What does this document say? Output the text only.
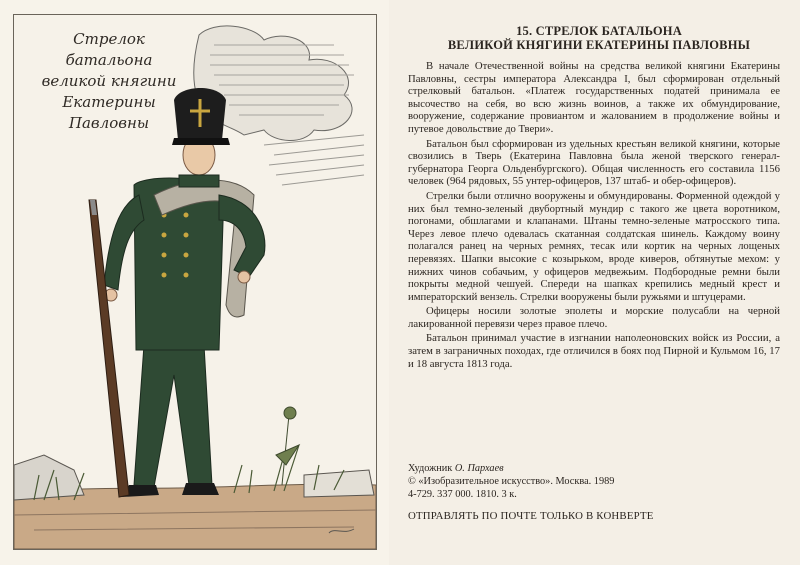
Стрелок
батальона
великой княгини
Екатерины
Павловны
15. СТРЕЛОК БАТАЛЬОНА
ВЕЛИКОЙ КНЯГИНИ ЕКАТЕРИНЫ ПАВЛОВНЫ

В начале Отечественной войны на средства великой княгини Екатерины Павловны, сестры императора Александра I, был сформирован отдельный стрелковый батальон. «Платеж государственных податей принимала ее высочество на себя, во всю жизнь воинов, а также их обмундирование, вооружение, содержание провиантом и жалованием в продолжение войны и путевое довольствие до Твери».

Батальон был сформирован из удельных крестьян великой княгини, которые свозились в Тверь (Екатерина Павловна была женой тверского генерал-губернатора Георга Ольденбургского). Общая численность его составила 1156 человек (964 рядовых, 55 унтер-офицеров, 137 штаб- и обер-офицеров).

Стрелки были отлично вооружены и обмундированы. Форменной одеждой у них был темно-зеленый двубортный мундир с такого же цвета воротником, погонами, обшлагами и клапанами. Штаны темно-зеленые матросского типа. Через левое плечо одевалась скатанная солдатская шинель. Каждому воину полагался ранец на черных ремнях, тесак или кортик на черных лощеных перевязях. Шапки высокие с козырьком, вроде киверов, обтянутые мехом: у нижних чинов собачьим, у офицеров медвежьим. Подбородные ремни были покрыты медной чешуей. Спереди на шапках крепились медный крест и императорский вензель. Стрелки вооружены были ружьями и штуцерами.

Офицеры носили золотые эполеты и морские полусабли на черной лакированной перевязи через правое плечо.

Батальон принимал участие в изгнании наполеоновских войск из России, а затем в заграничных походах, где отличился в боях под Пирной и Кульмом 16, 17 и 18 августа 1813 года.

Художник О. Пархаев
© «Изобразительное искусство». Москва. 1989
4-729. 337 000. 1810. 3 к.
ОТПРАВЛЯТЬ ПО ПОЧТЕ ТОЛЬКО В КОНВЕРТЕ
